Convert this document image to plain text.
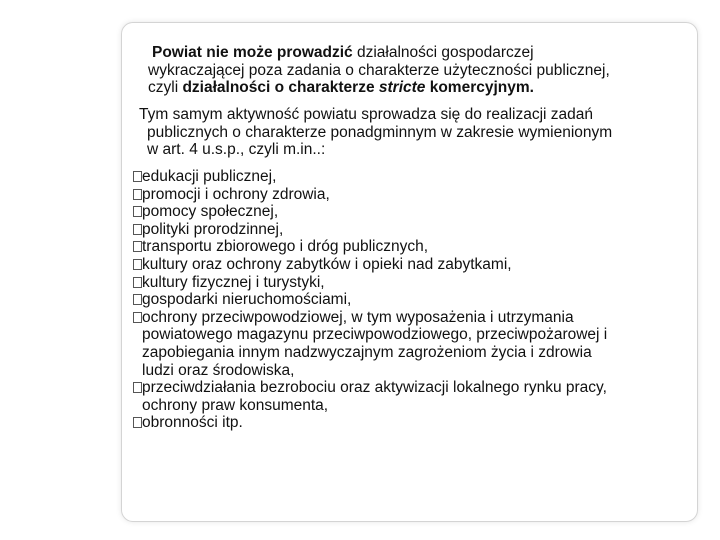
Powiat nie może prowadzić działalności gospodarczej
wykraczającej poza zadania o charakterze użyteczności publicznej,
czyli działalności o charakterze stricte komercyjnym.
Tym samym aktywność powiatu sprowadza się do realizacji zadań
publicznych o charakterze ponadgminnym w zakresie wymienionym
w art. 4 u.s.p., czyli m.in..:
edukacji publicznej,
promocji i ochrony zdrowia,
pomocy społecznej,
polityki prorodzinnej,
transportu zbiorowego i dróg publicznych,
kultury oraz ochrony zabytków i opieki nad zabytkami,
kultury fizycznej i turystyki,
gospodarki nieruchomościami,
ochrony przeciwpowodziowej, w tym wyposażenia i utrzymania
powiatowego magazynu przeciwpowodziowego, przeciwpożarowej i
zapobiegania innym nadzwyczajnym zagrożeniom życia i zdrowia
ludzi oraz środowiska,
przeciwdziałania bezrobociu oraz aktywizacji lokalnego rynku pracy,
ochrony praw konsumenta,
obronności itp.
